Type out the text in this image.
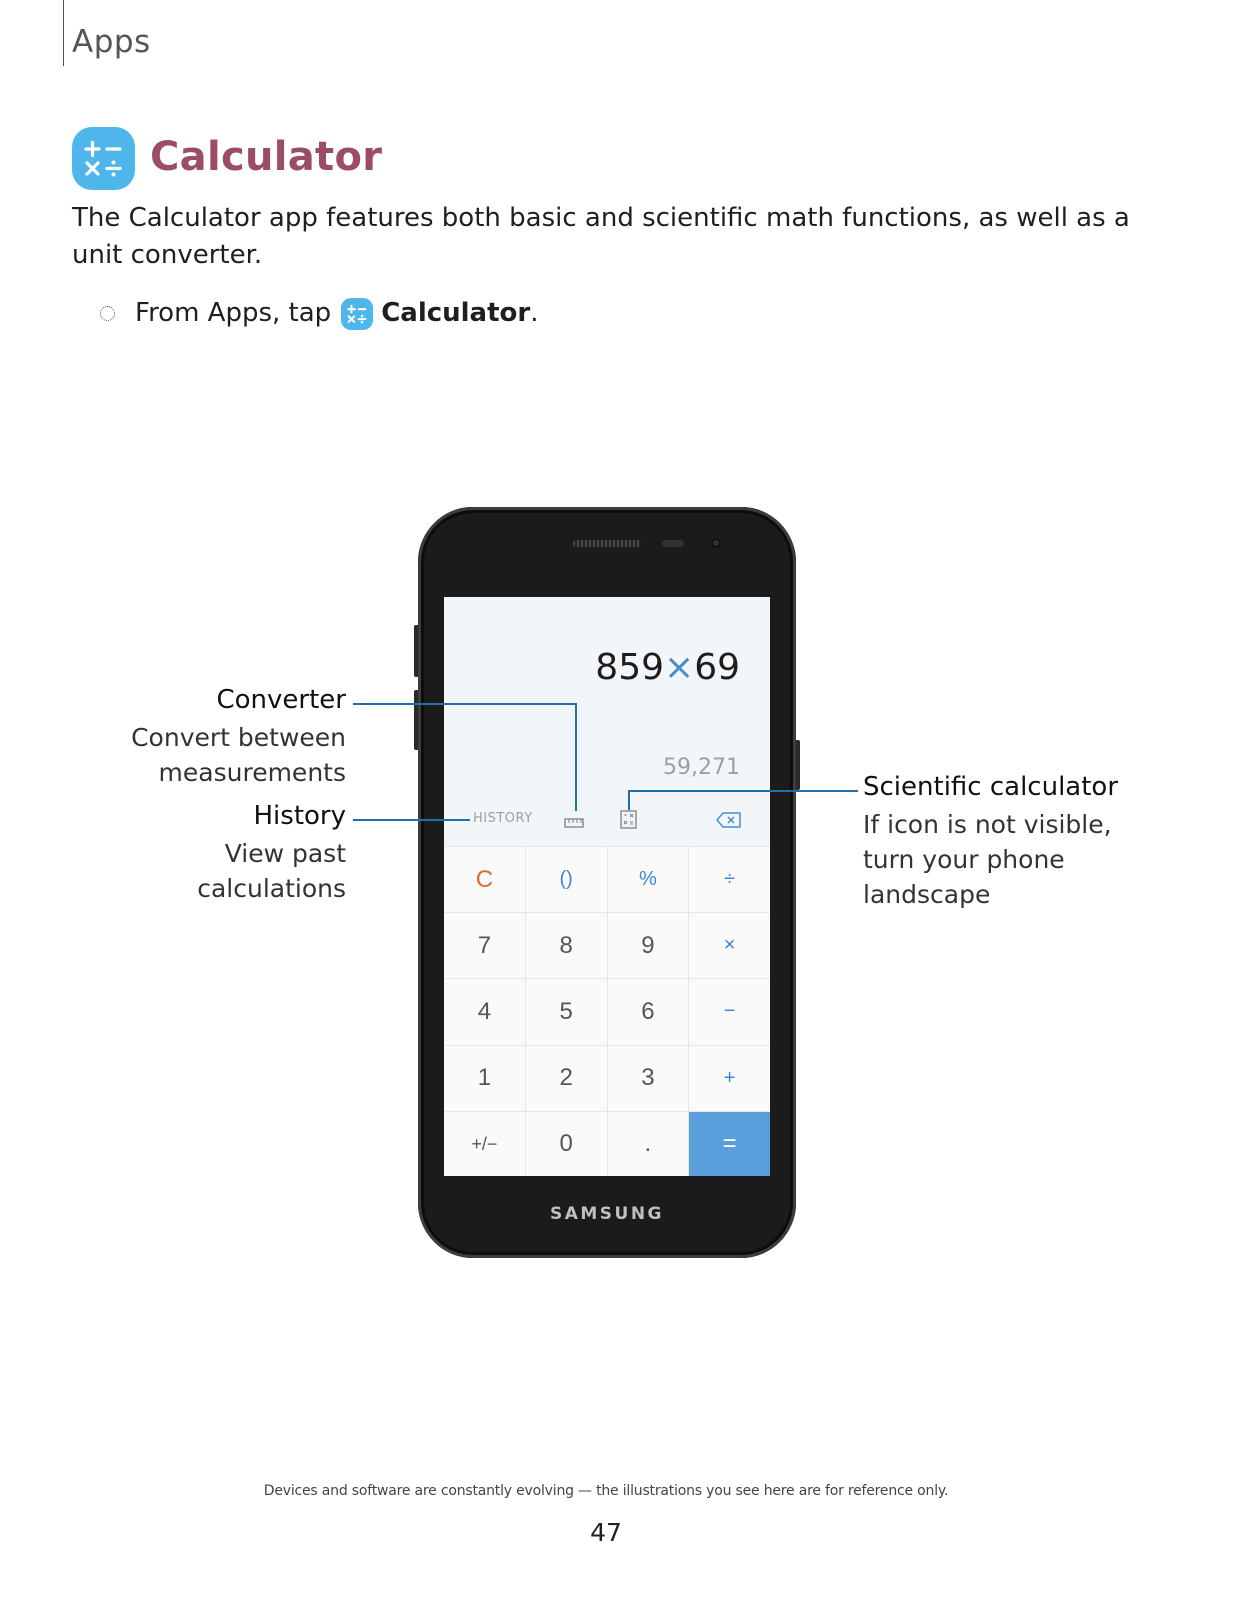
Apps
Calculator
The Calculator app features both basic and scientific math functions, as well as a unit converter.
From Apps, tap Calculator .
SAMSUNG
859×69
59,271
HISTORY
C	()	%	÷
7	8	9	×
4	5	6	−
1	2	3	+
+/−	0	.	=
Converter
Convert between
measurements
History
View past
calculations
Scientific calculator
If icon is not visible,
turn your phone
landscape
Devices and software are constantly evolving — the illustrations you see here are for reference only.
47
